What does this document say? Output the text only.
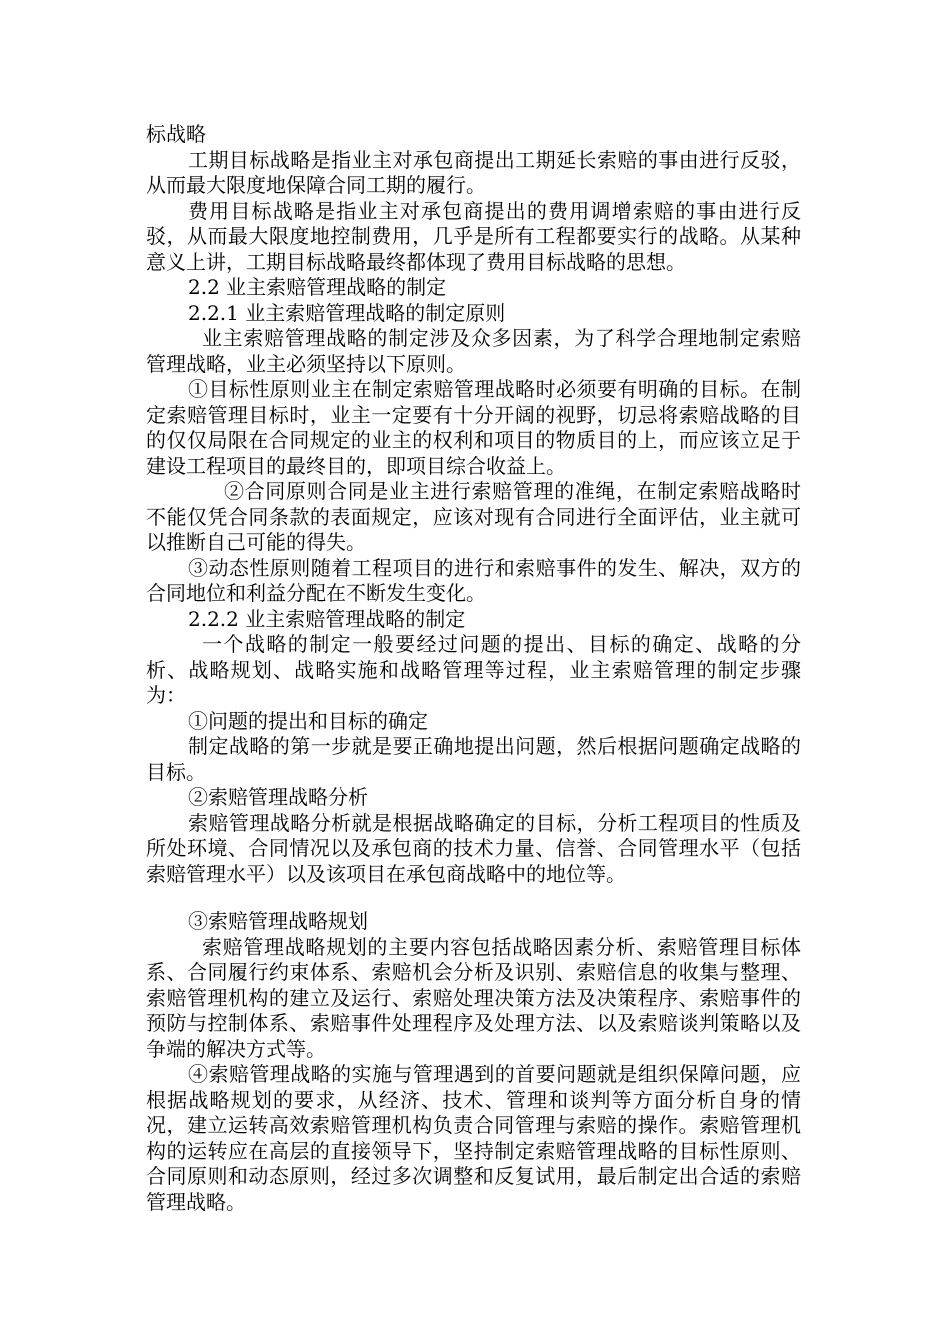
标战略

工期目标战略是指业主对承包商提出工期延长索赔的事由进行反驳，从而最大限度地保障合同工期的履行。

费用目标战略是指业主对承包商提出的费用调增索赔的事由进行反驳，从而最大限度地控制费用，几乎是所有工程都要实行的战略。从某种意义上讲，工期目标战略最终都体现了费用目标战略的思想。

2.2 业主索赔管理战略的制定

2.2.1 业主索赔管理战略的制定原则

业主索赔管理战略的制定涉及众多因素，为了科学合理地制定索赔管理战略，业主必须坚持以下原则。

①目标性原则业主在制定索赔管理战略时必须要有明确的目标。在制定索赔管理目标时，业主一定要有十分开阔的视野，切忌将索赔战略的目的仅仅局限在合同规定的业主的权利和项目的物质目的上，而应该立足于建设工程项目的最终目的，即项目综合收益上。

②合同原则合同是业主进行索赔管理的准绳，在制定索赔战略时不能仅凭合同条款的表面规定，应该对现有合同进行全面评估，业主就可以推断自己可能的得失。

③动态性原则随着工程项目的进行和索赔事件的发生、解决，双方的合同地位和利益分配在不断发生变化。

2.2.2 业主索赔管理战略的制定

一个战略的制定一般要经过问题的提出、目标的确定、战略的分析、战略规划、战略实施和战略管理等过程，业主索赔管理的制定步骤为：

①问题的提出和目标的确定

制定战略的第一步就是要正确地提出问题，然后根据问题确定战略的目标。

②索赔管理战略分析

索赔管理战略分析就是根据战略确定的目标，分析工程项目的性质及所处环境、合同情况以及承包商的技术力量、信誉、合同管理水平（包括索赔管理水平）以及该项目在承包商战略中的地位等。

③索赔管理战略规划

索赔管理战略规划的主要内容包括战略因素分析、索赔管理目标体系、合同履行约束体系、索赔机会分析及识别、索赔信息的收集与整理、索赔管理机构的建立及运行、索赔处理决策方法及决策程序、索赔事件的预防与控制体系、索赔事件处理程序及处理方法、以及索赔谈判策略以及争端的解决方式等。

④索赔管理战略的实施与管理遇到的首要问题就是组织保障问题，应根据战略规划的要求，从经济、技术、管理和谈判等方面分析自身的情况，建立运转高效索赔管理机构负责合同管理与索赔的操作。索赔管理机构的运转应在高层的直接领导下，坚持制定索赔管理战略的目标性原则、合同原则和动态原则，经过多次调整和反复试用，最后制定出合适的索赔管理战略。
